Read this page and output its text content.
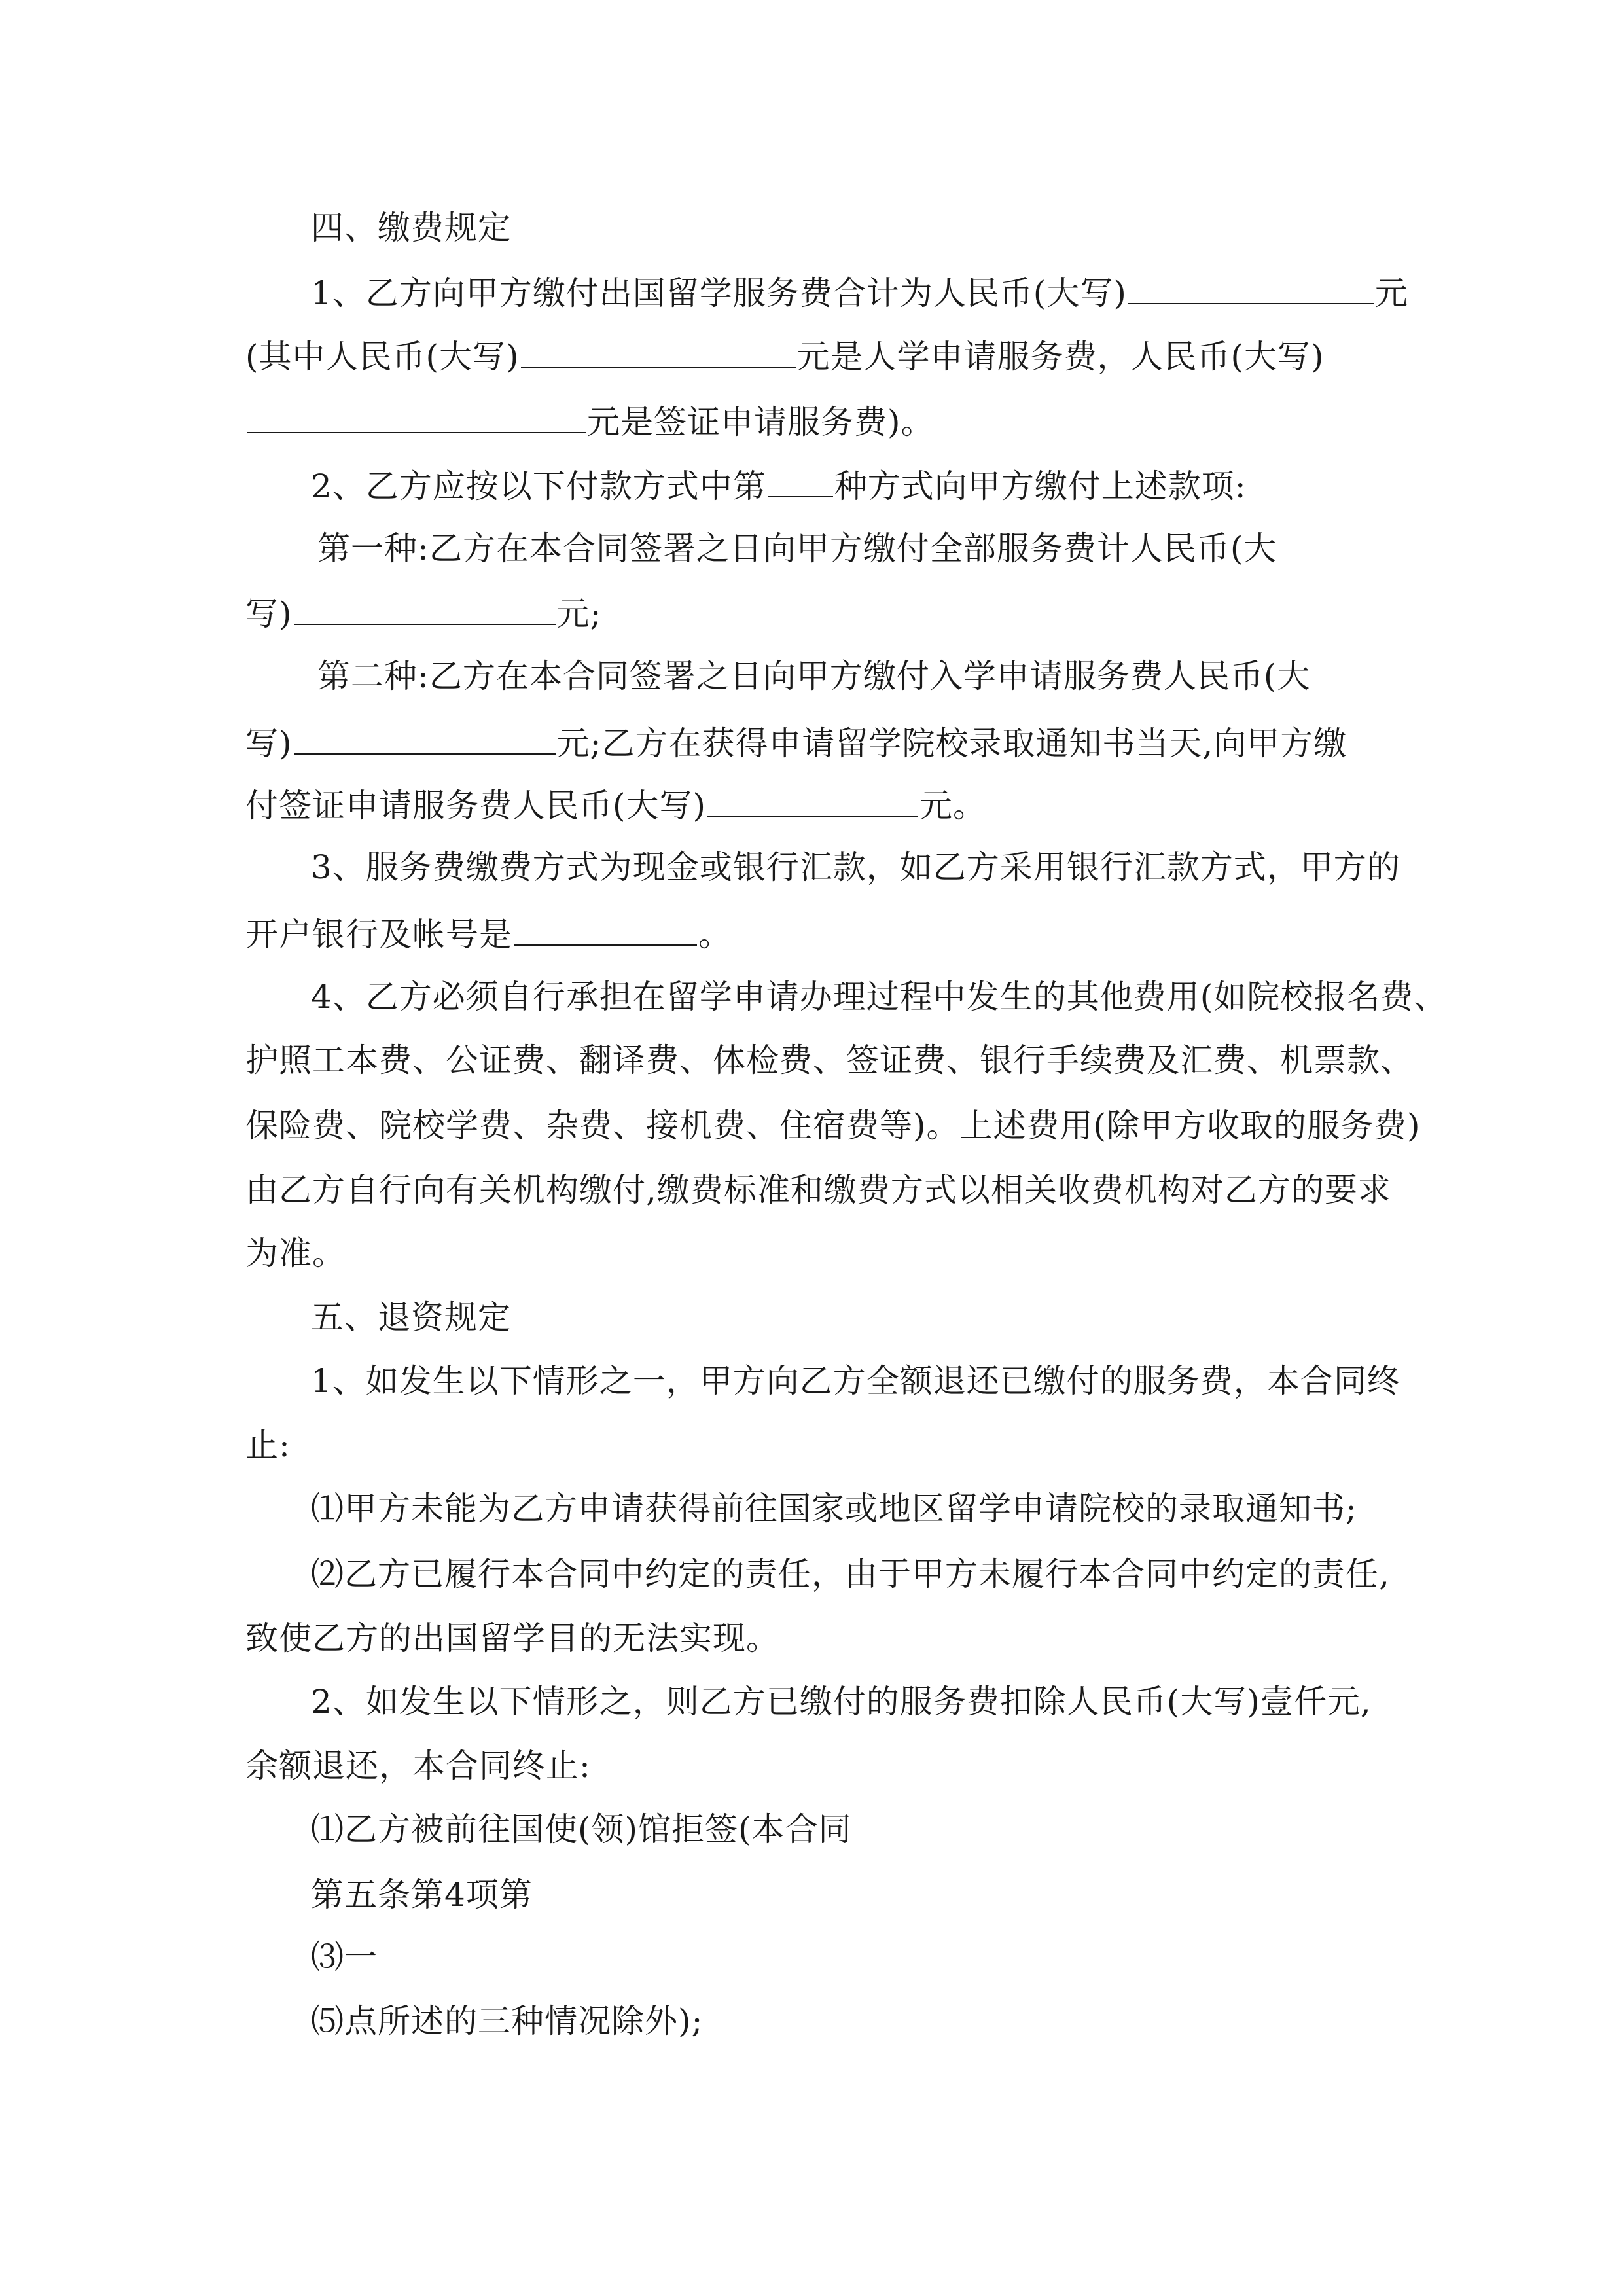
四、缴费规定
1、乙方向甲方缴付出国留学服务费合计为人民币(大写)	元
(其中人民币(大写)	元是人学申请服务费，人民币(大写)
元是签证申请服务费)。
2、乙方应按以下付款方式中第 种方式向甲方缴付上述款项:
第一种:乙方在本合同签署之日向甲方缴付全部服务费计人民币(大
写)	元;
第二种:乙方在本合同签署之日向甲方缴付入学申请服务费人民币(大
写)	元;乙方在获得申请留学院校录取通知书当天,向甲方缴
付签证申请服务费人民币(大写)	元。
3、服务费缴费方式为现金或银行汇款，如乙方采用银行汇款方式，甲方的
开户银行及帐号是	。
4、乙方必须自行承担在留学申请办理过程中发生的其他费用(如院校报名费、
护照工本费、公证费、翻译费、体检费、签证费、银行手续费及汇费、机票款、
保险费、院校学费、杂费、接机费、住宿费等)。上述费用(除甲方收取的服务费)
由乙方自行向有关机构缴付,缴费标准和缴费方式以相关收费机构对乙方的要求
为准。
五、退资规定
1、如发生以下情形之一，甲方向乙方全额退还已缴付的服务费，本合同终
止:
⑴甲方未能为乙方申请获得前往国家或地区留学申请院校的录取通知书;
⑵乙方已履行本合同中约定的责任，由于甲方未履行本合同中约定的责任,
致使乙方的出国留学目的无法实现。
2、如发生以下情形之，则乙方已缴付的服务费扣除人民币(大写)壹仟元,
余额退还，本合同终止:
⑴乙方被前往国使(领)馆拒签(本合同
第五条第4项第
⑶一
⑸点所述的三种情况除外);
